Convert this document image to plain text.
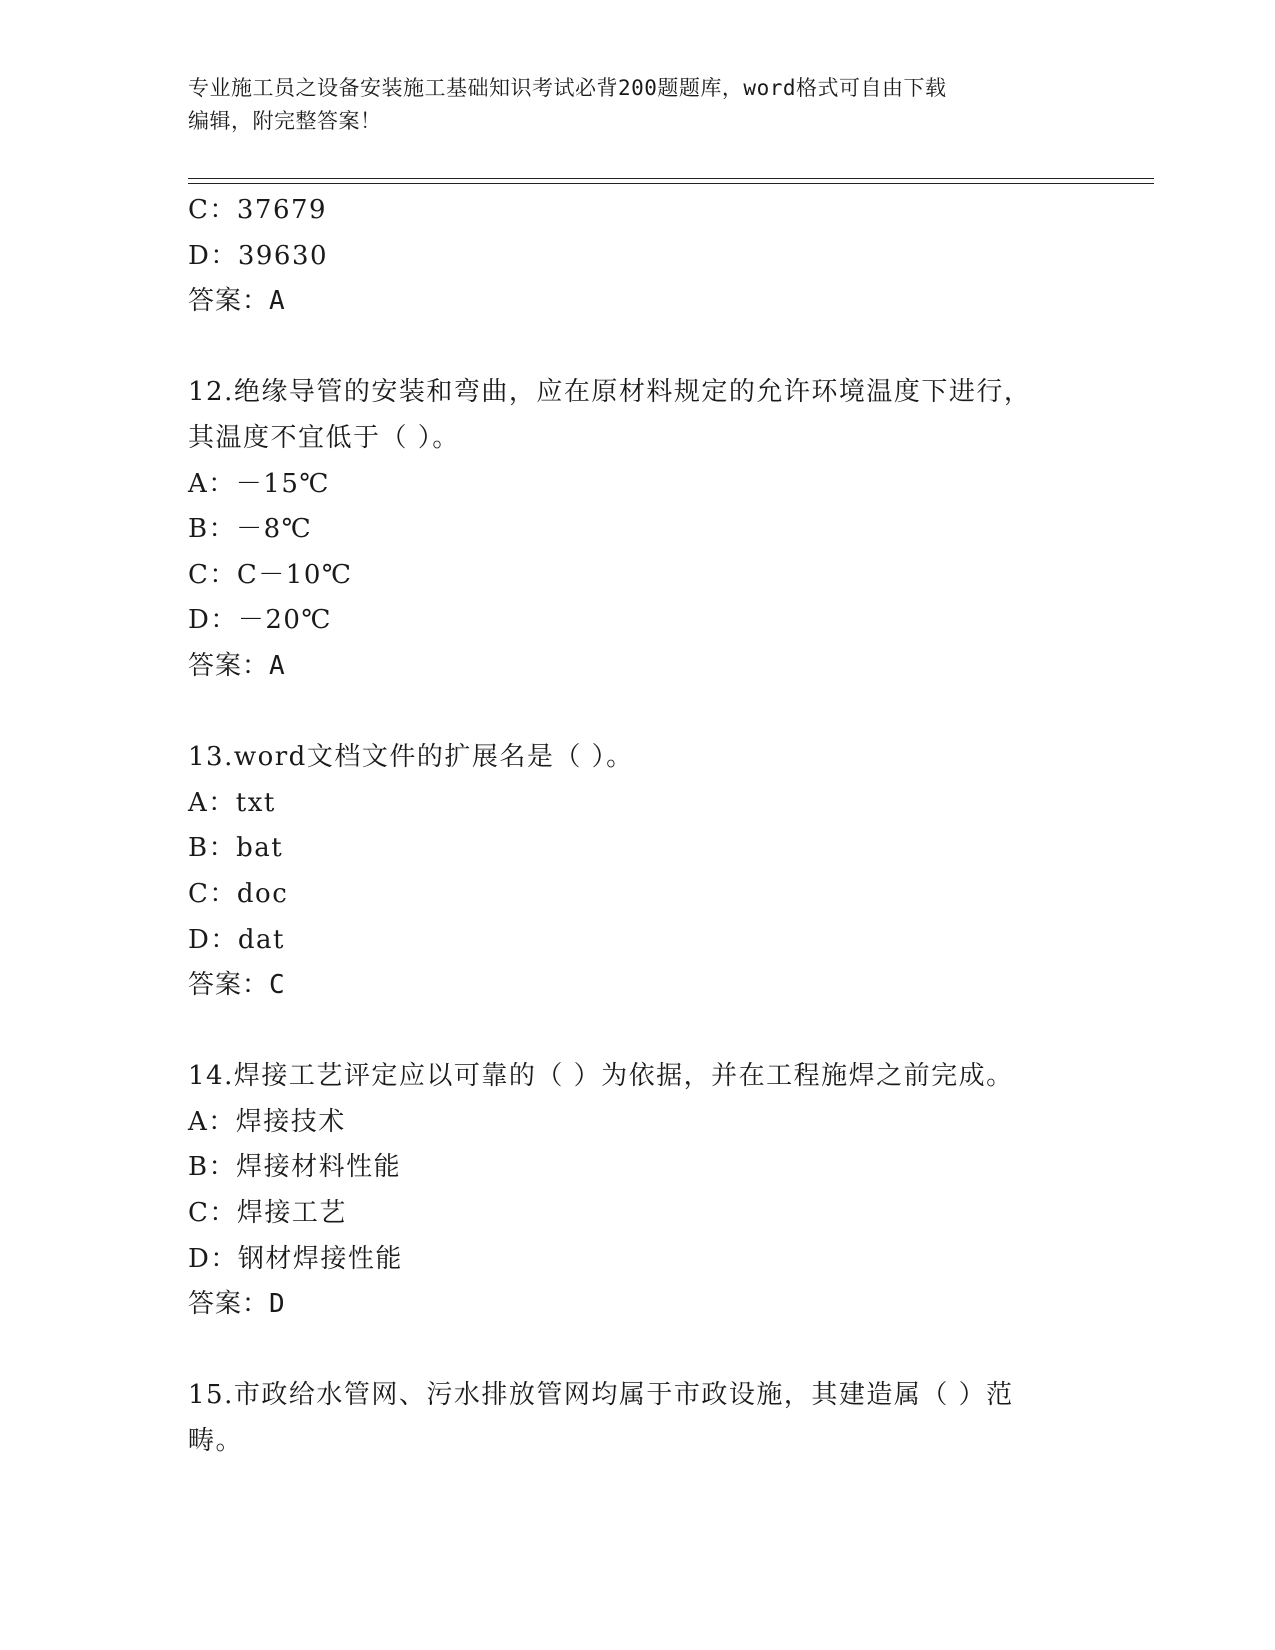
专业施工员之设备安装施工基础知识考试必背200题题库，word格式可自由下载
编辑，附完整答案！
C：37679
D：39630
答案：A
12.绝缘导管的安装和弯曲，应在原材料规定的允许环境温度下进行，
其温度不宜低于（ ）。
A：－15℃
B：－8℃
C：C－10℃
D：－20℃
答案：A
13.word文档文件的扩展名是（ ）。
A：txt
B：bat
C：doc
D：dat
答案：C
14.焊接工艺评定应以可靠的（ ）为依据，并在工程施焊之前完成。
A：焊接技术
B：焊接材料性能
C：焊接工艺
D：钢材焊接性能
答案：D
15.市政给水管网、污水排放管网均属于市政设施，其建造属（ ）范
畴。
